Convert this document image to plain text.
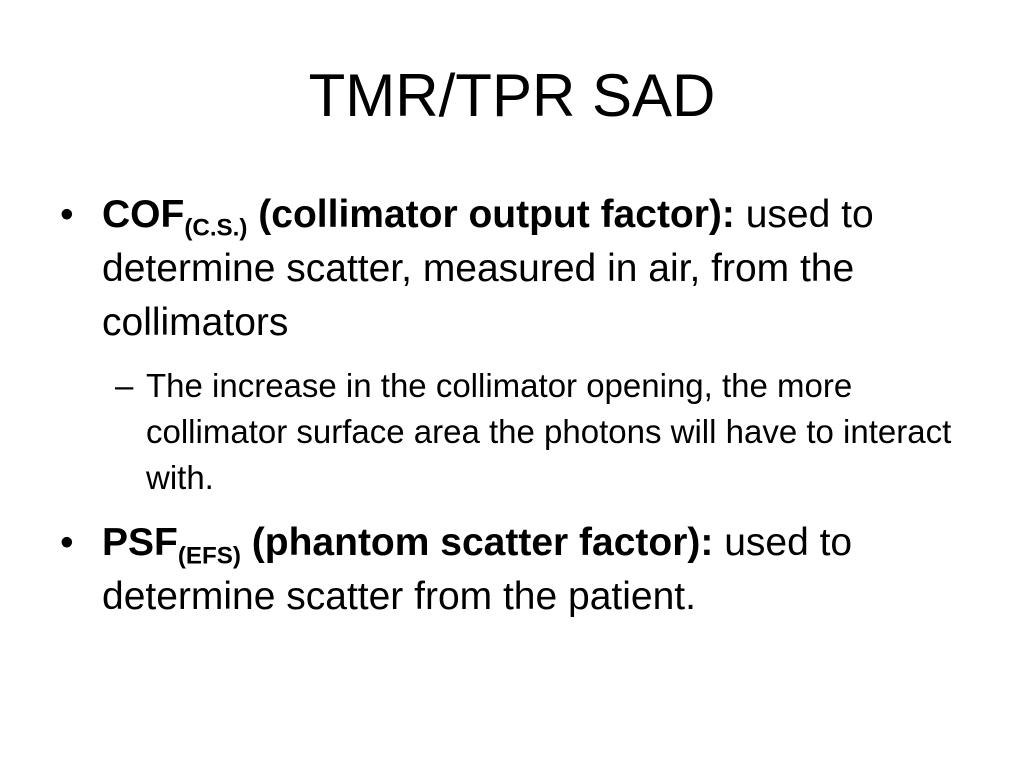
TMR/TPR SAD
• $COF_{(C.S.)}$ (collimator output factor): used to determine scatter, measured in air, from the collimators
– The increase in the collimator opening, the more collimator surface area the photons will have to interact with.
• $PSF_{(EFS)}$ (phantom scatter factor): used to determine scatter from the patient.
